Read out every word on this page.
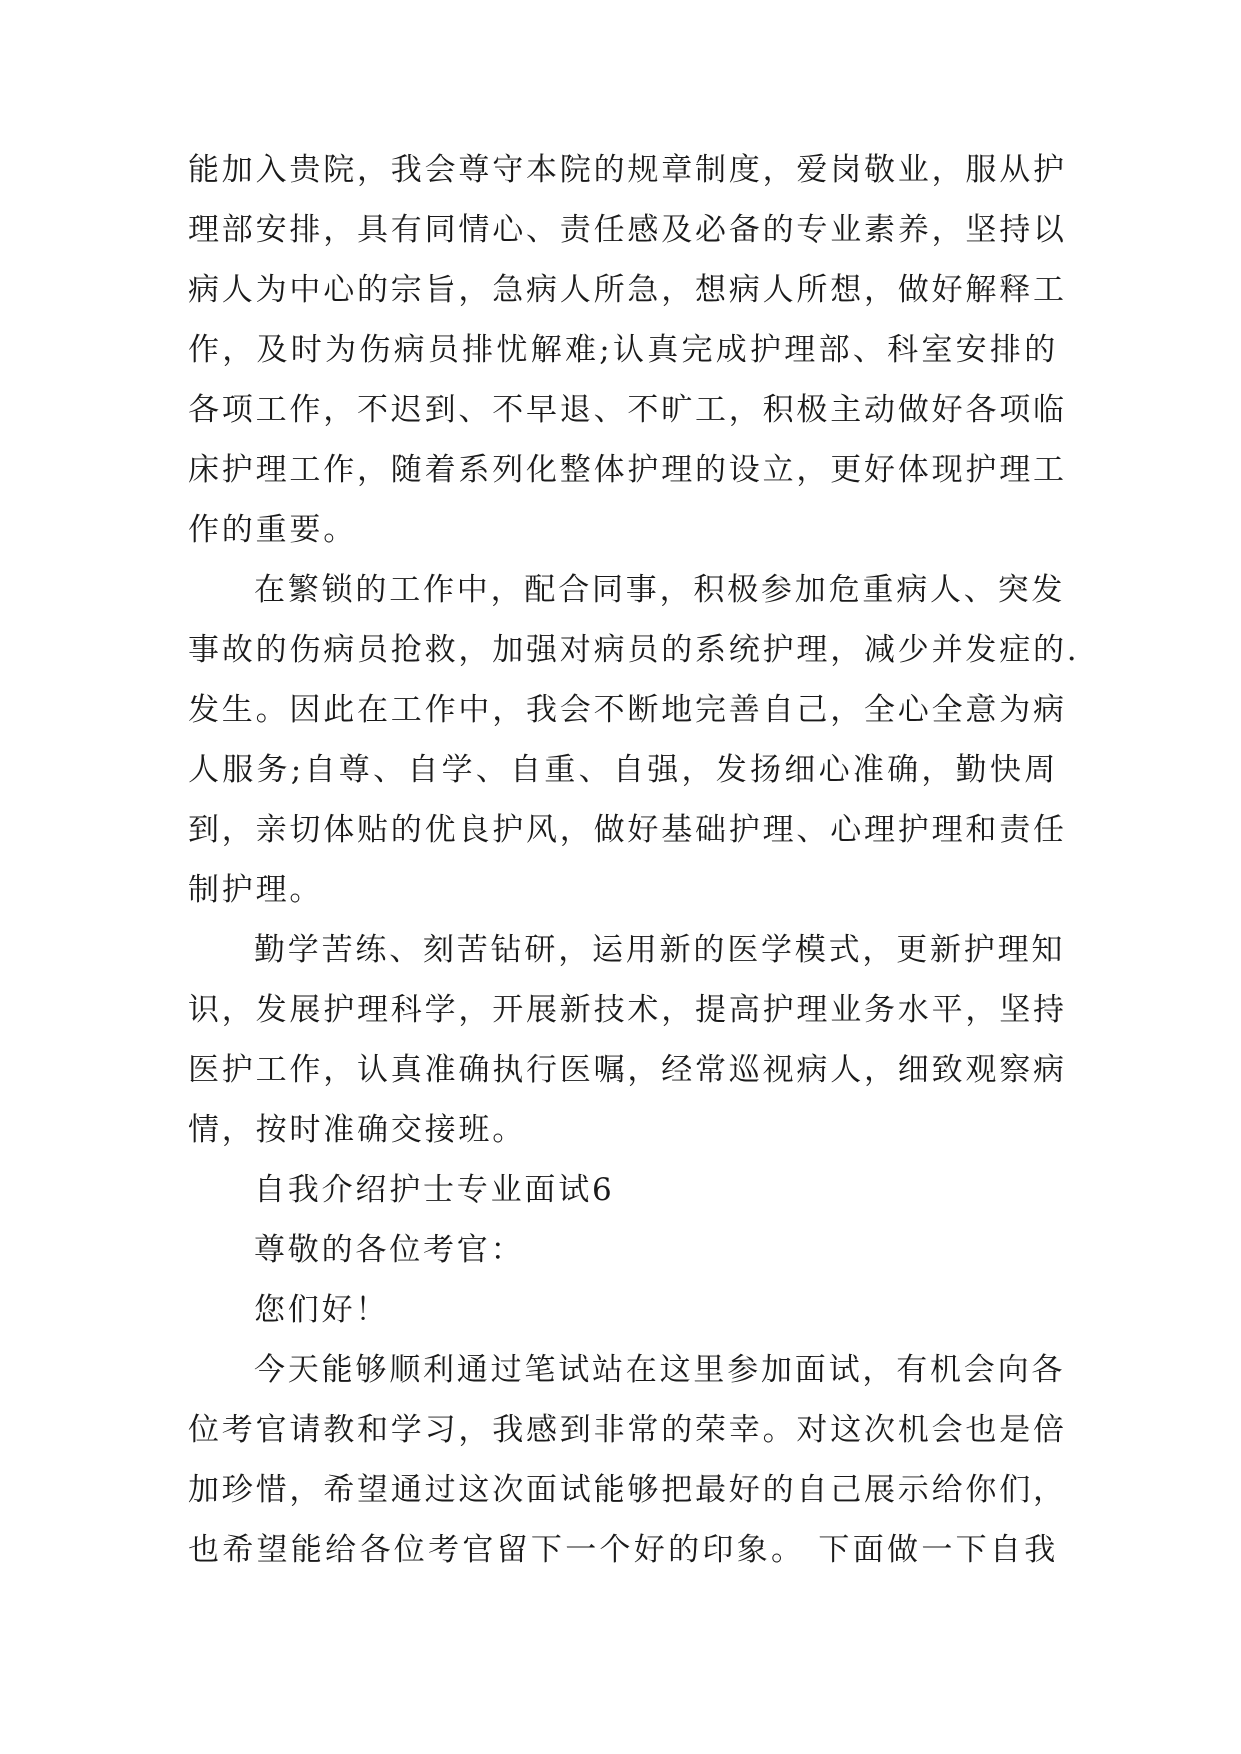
能加入贵院，我会尊守本院的规章制度，爱岗敬业，服从护
理部安排，具有同情心、责任感及必备的专业素养，坚持以
病人为中心的宗旨，急病人所急，想病人所想，做好解释工
作，及时为伤病员排忧解难;认真完成护理部、科室安排的
各项工作，不迟到、不早退、不旷工，积极主动做好各项临
床护理工作，随着系列化整体护理的设立，更好体现护理工
作的重要。
在繁锁的工作中，配合同事，积极参加危重病人、突发
事故的伤病员抢救，加强对病员的系统护理，减少并发症的.
发生。因此在工作中，我会不断地完善自己，全心全意为病
人服务;自尊、自学、自重、自强，发扬细心准确，勤快周
到，亲切体贴的优良护风，做好基础护理、心理护理和责任
制护理。
勤学苦练、刻苦钻研，运用新的医学模式，更新护理知
识，发展护理科学，开展新技术，提高护理业务水平，坚持
医护工作，认真准确执行医嘱，经常巡视病人，细致观察病
情，按时准确交接班。
自我介绍护士专业面试6
尊敬的各位考官：
您们好！
今天能够顺利通过笔试站在这里参加面试，有机会向各
位考官请教和学习，我感到非常的荣幸。对这次机会也是倍
加珍惜，希望通过这次面试能够把最好的自己展示给你们，
也希望能给各位考官留下一个好的印象。 下面做一下自我
